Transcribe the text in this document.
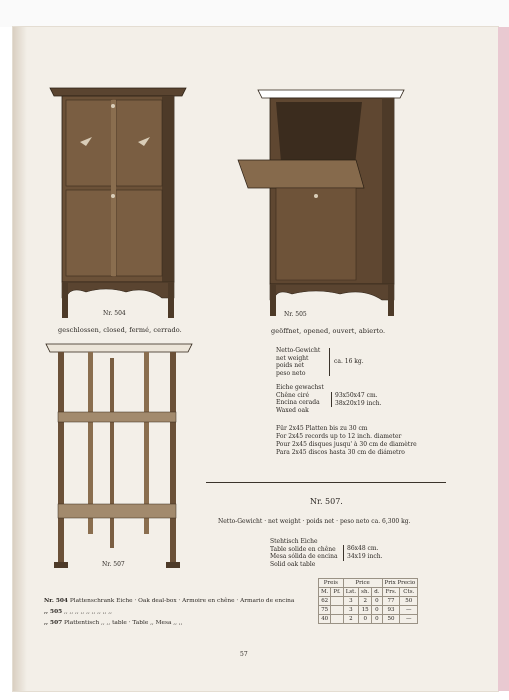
Nr. 504
geschlossen, closed, fermé, cerrado.
Nr. 505
geöffnet, opened, ouvert, abierto.
Nr. 507
Netto-Gewicht
net weight
poids net
peso neto
ca. 16 kg.
Eiche gewachst
Chêne ciré
Encina cerada
Waxed oak
93x50x47 cm.
38x20x19 inch.
Für 2x45 Platten bis zu 30 cm
For 2x45 records up to 12 inch. diameter
Pour 2x45 disques jusqu' à 30 cm de diamètre
Para 2x45 discos hasta 30 cm de diámetro
Nr. 507.
Netto-Gewicht · net weight · poids net · peso neto ca. 6,300 kg.
Stehtisch Eiche
Table solide en chêne
Mesa sólida de encina
Solid oak table
86x48 cm.
34x19 inch.
Preis		Price			Prix Precio	
M.	Pf.	Lst.	sh.	d.	Frs.	Cts.
62		3	2	0	77	50
75		3	15	0	93	—
40		2	0	0	50	—
Nr. 504 Plattenschrank Eiche · Oak deal-box · Armoire en chêne · Armario de encina
,, 505 ,, ,, ,, ,, ,, ,, ,, ,, ,,
,, 507 Plattentisch ,, ,, table · Table ,, Mesa ,, ,,
57
